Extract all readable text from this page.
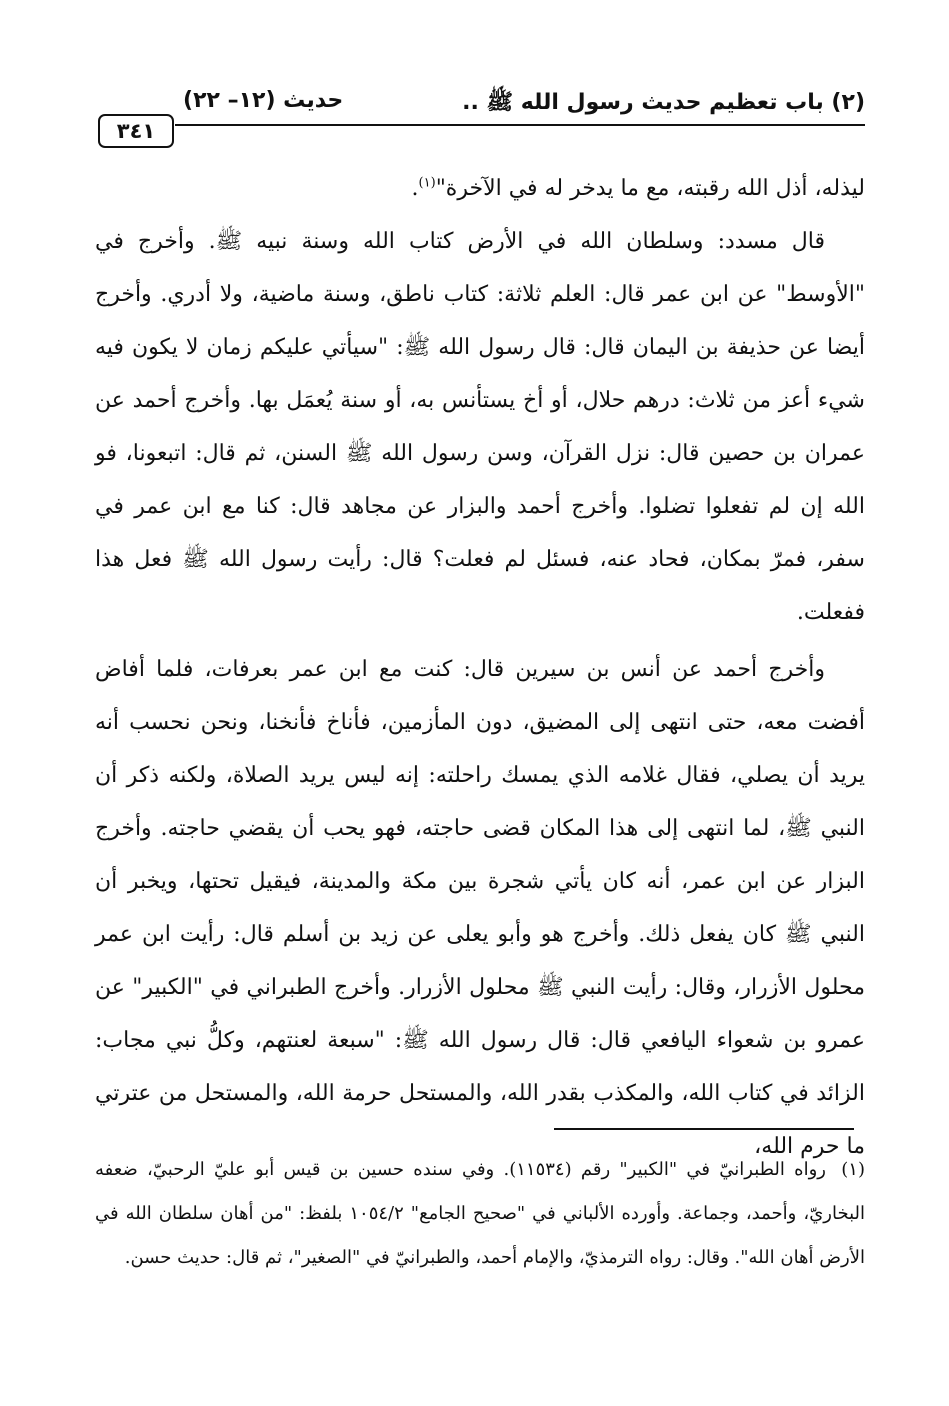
٣٤١
حديث (١٢– ٢٢)	(٢) باب تعظيم حديث رسول الله ﷺ ..

ليذله، أذل الله رقبته، مع ما يدخر له في الآخرة"$^{(١)}$.

قال مسدد: وسلطان الله في الأرض كتاب الله وسنة نبيه ﷺ. وأخرج في "الأوسط" عن ابن عمر قال: العلم ثلاثة: كتاب ناطق، وسنة ماضية، ولا أدري. وأخرج أيضا عن حذيفة بن اليمان قال: قال رسول الله ﷺ: "سيأتي عليكم زمان لا يكون فيه شيء أعز من ثلاث: درهم حلال، أو أخ يستأنس به، أو سنة يُعمَل بها. وأخرج أحمد عن عمران بن حصين قال: نزل القرآن، وسن رسول الله ﷺ السنن، ثم قال: اتبعونا، فو الله إن لم تفعلوا تضلوا. وأخرج أحمد والبزار عن مجاهد قال: كنا مع ابن عمر في سفر، فمرّ بمكان، فحاد عنه، فسئل لم فعلت؟ قال: رأيت رسول الله ﷺ فعل هذا ففعلت.

وأخرج أحمد عن أنس بن سيرين قال: كنت مع ابن عمر بعرفات، فلما أفاض أفضت معه، حتى انتهى إلى المضيق، دون المأزمين، فأناخ فأنخنا، ونحن نحسب أنه يريد أن يصلي، فقال غلامه الذي يمسك راحلته: إنه ليس يريد الصلاة، ولكنه ذكر أن النبي ﷺ، لما انتهى إلى هذا المكان قضى حاجته، فهو يحب أن يقضي حاجته. وأخرج البزار عن ابن عمر، أنه كان يأتي شجرة بين مكة والمدينة، فيقيل تحتها، ويخبر أن النبي ﷺ كان يفعل ذلك. وأخرج هو وأبو يعلى عن زيد بن أسلم قال: رأيت ابن عمر محلول الأزرار، وقال: رأيت النبي ﷺ محلول الأزرار. وأخرج الطبراني في "الكبير" عن عمرو بن شعواء اليافعي قال: قال رسول الله ﷺ: "سبعة لعنتهم، وكلُّ نبي مجاب: الزائد في كتاب الله، والمكذب بقدر الله، والمستحل حرمة الله، والمستحل من عترتي ما حرم الله،

(١) رواه الطبرانيّ في "الكبير" رقم (١١٥٣٤). وفي سنده حسين بن قيس أبو عليّ الرحبيّ، ضعفه البخاريّ، وأحمد، وجماعة. وأورده الألباني في "صحيح الجامع" ١٠٥٤/٢ بلفظ: "من أهان سلطان الله في الأرض أهان الله". وقال: رواه الترمذيّ، والإمام أحمد، والطبرانيّ في "الصغير"، ثم قال: حديث حسن.
